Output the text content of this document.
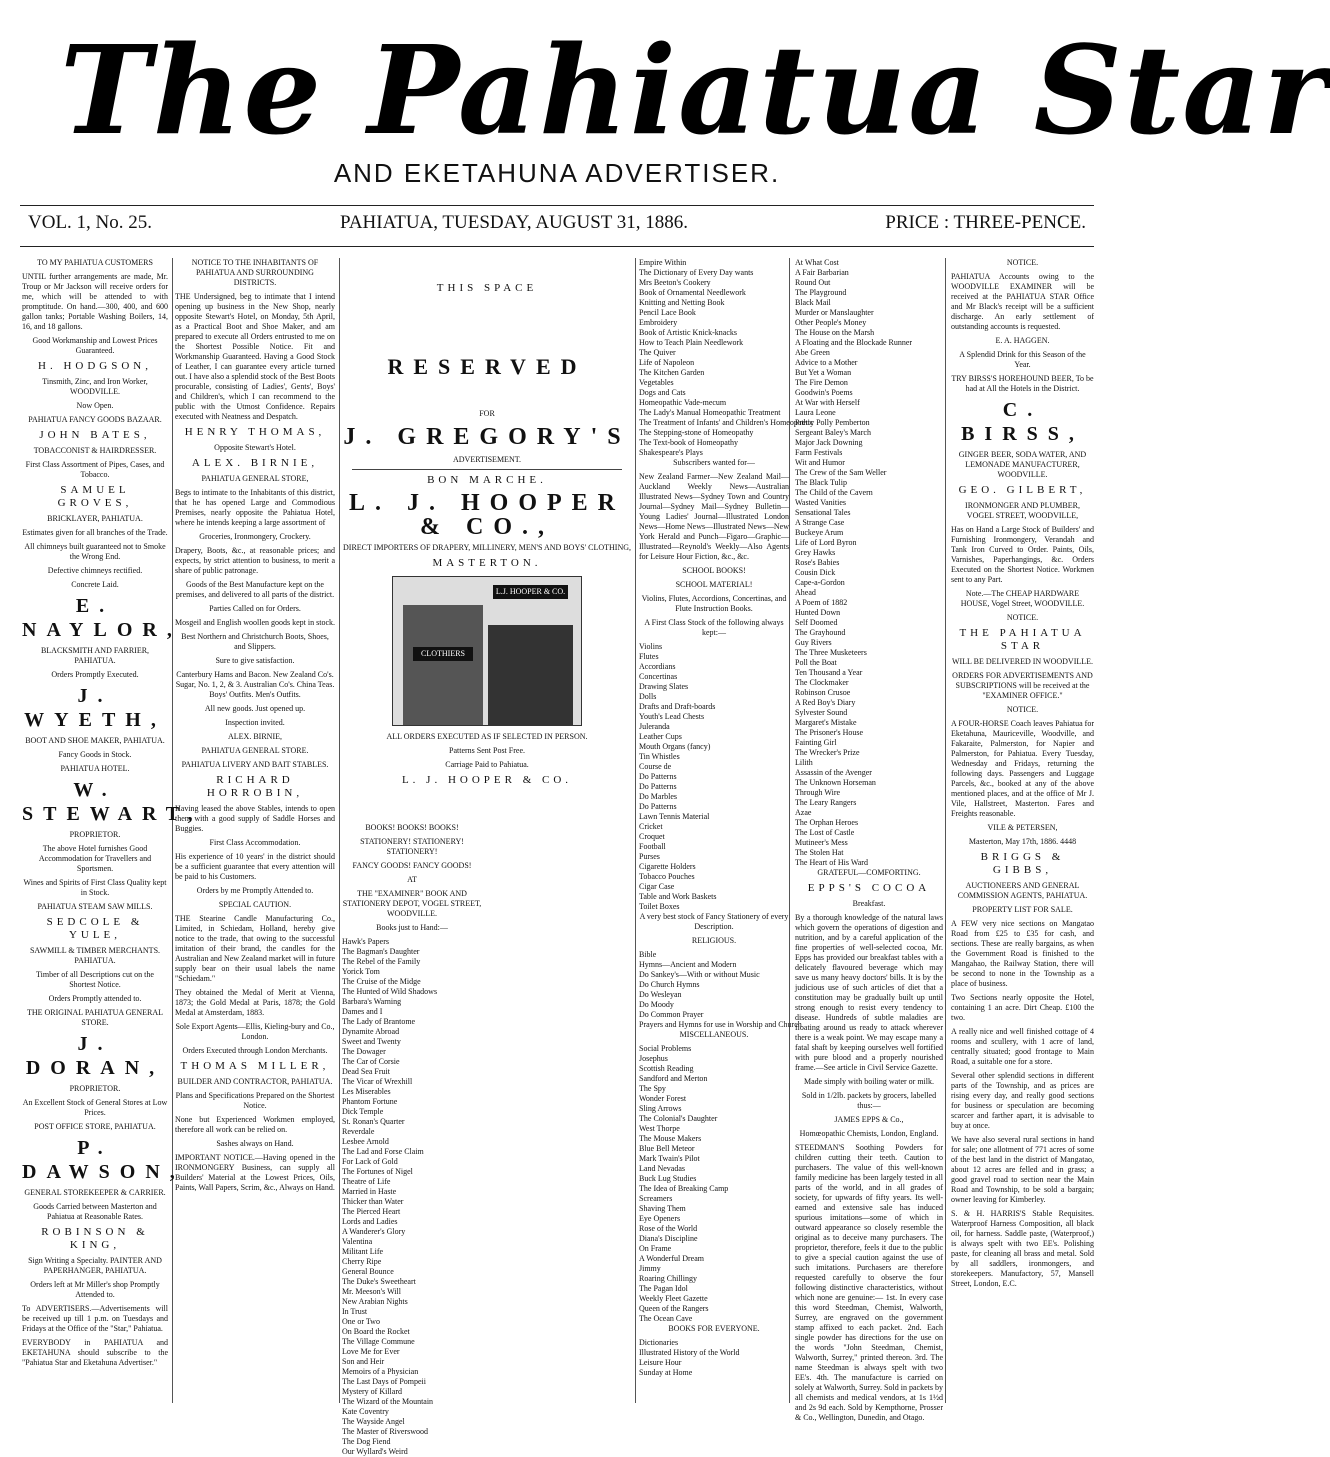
The Pahiatua Star
AND EKETAHUNA ADVERTISER.
VOL. 1, No. 25.	PAHIATUA, TUESDAY, AUGUST 31, 1886.	PRICE : THREE-PENCE.
TO MY PAHIATUA CUSTOMERS
UNTIL further arrangements are made, Mr. Troup or Mr Jackson will receive orders for me, which will be attended to with promptitude. On hand.—300, 400, and 600 gallon tanks; Portable Washing Boilers, 14, 16, and 18 gallons.
Good Workmanship and Lowest Prices Guaranteed.
H. HODGSON,
Tinsmith, Zinc, and Iron Worker, WOODVILLE.
Now Open.
PAHIATUA FANCY GOODS BAZAAR.
JOHN BATES,
TOBACCONIST & HAIRDRESSER.
First Class Assortment of Pipes, Cases, and Tobacco.
SAMUEL GROVES,
BRICKLAYER, PAHIATUA.
Estimates given for all branches of the Trade.
All chimneys built guaranteed not to Smoke the Wrong End.
Defective chimneys rectified.
Concrete Laid.
E. NAYLOR,
BLACKSMITH AND FARRIER, PAHIATUA.
Orders Promptly Executed.
J. WYETH,
BOOT AND SHOE MAKER, PAHIATUA.
Fancy Goods in Stock.
PAHIATUA HOTEL.
W. STEWART,
PROPRIETOR.
The above Hotel furnishes Good Accommodation for Travellers and Sportsmen.
Wines and Spirits of First Class Quality kept in Stock.
PAHIATUA STEAM SAW MILLS.
SEDCOLE & YULE,
SAWMILL & TIMBER MERCHANTS. PAHIATUA.
Timber of all Descriptions cut on the Shortest Notice.
Orders Promptly attended to.
THE ORIGINAL PAHIATUA GENERAL STORE.
J. DORAN,
PROPRIETOR.
An Excellent Stock of General Stores at Low Prices.
POST OFFICE STORE, PAHIATUA.
P. DAWSON,
GENERAL STOREKEEPER & CARRIER.
Goods Carried between Masterton and Pahiatua at Reasonable Rates.
ROBINSON & KING,
Sign Writing a Specialty. PAINTER AND PAPERHANGER, PAHIATUA.
Orders left at Mr Miller's shop Promptly Attended to.
To ADVERTISERS.—Advertisements will be received up till 1 p.m. on Tuesdays and Fridays at the Office of the "Star," Pahiatua.
EVERYBODY in PAHIATUA and EKETAHUNA should subscribe to the "Pahiatua Star and Eketahuna Advertiser."
NOTICE TO THE INHABITANTS OF PAHIATUA AND SURROUNDING DISTRICTS.
THE Undersigned, beg to intimate that I intend opening up business in the New Shop, nearly opposite Stewart's Hotel, on Monday, 5th April, as a Practical Boot and Shoe Maker, and am prepared to execute all Orders entrusted to me on the Shortest Possible Notice. Fit and Workmanship Guaranteed. Having a Good Stock of Leather, I can guarantee every article turned out. I have also a splendid stock of the Best Boots procurable, consisting of Ladies', Gents', Boys' and Children's, which I can recommend to the public with the Utmost Confidence. Repairs executed with Neatness and Despatch.
HENRY THOMAS,
Opposite Stewart's Hotel.
ALEX. BIRNIE,
PAHIATUA GENERAL STORE,
Begs to intimate to the Inhabitants of this district, that he has opened Large and Commodious Premises, nearly opposite the Pahiatua Hotel, where he intends keeping a large assortment of
Groceries, Ironmongery, Crockery.
Drapery, Boots, &c., at reasonable prices; and expects, by strict attention to business, to merit a share of public patronage.
Goods of the Best Manufacture kept on the premises, and delivered to all parts of the district.
Parties Called on for Orders.
Mosgeil and English woollen goods kept in stock.
Best Northern and Christchurch Boots, Shoes, and Slippers.
Sure to give satisfaction.
Canterbury Hams and Bacon. New Zealand Co's. Sugar, No. 1, 2, & 3. Australian Co's. China Teas. Boys' Outfits. Men's Outfits.
All new goods. Just opened up.
Inspection invited.
ALEX. BIRNIE,
PAHIATUA GENERAL STORE.
PAHIATUA LIVERY AND BAIT STABLES.
RICHARD HORROBIN,
Having leased the above Stables, intends to open them with a good supply of Saddle Horses and Buggies.
First Class Accommodation.
His experience of 10 years' in the district should be a sufficient guarantee that every attention will be paid to his Customers.
Orders by me Promptly Attended to.
SPECIAL CAUTION.
THE Stearine Candle Manufacturing Co., Limited, in Schiedam, Holland, hereby give notice to the trade, that owing to the successful imitation of their brand, the candles for the Australian and New Zealand market will in future supply bear on their usual labels the name "Schiedam."
They obtained the Medal of Merit at Vienna, 1873; the Gold Medal at Paris, 1878; the Gold Medal at Amsterdam, 1883.
Sole Export Agents—Ellis, Kieling-bury and Co., London.
Orders Executed through London Merchants.
THOMAS MILLER,
BUILDER AND CONTRACTOR, PAHIATUA.
Plans and Specifications Prepared on the Shortest Notice.
None but Experienced Workmen employed, therefore all work can be relied on.
Sashes always on Hand.
IMPORTANT NOTICE.—Having opened in the IRONMONGERY Business, can supply all Builders' Material at the Lowest Prices, Oils, Paints, Wall Papers, Scrim, &c., Always on Hand.
THIS SPACE
RESERVED
FOR
J. GREGORY'S
ADVERTISEMENT.
BON MARCHE.
L. J. HOOPER & CO.,
DIRECT IMPORTERS OF DRAPERY, MILLINERY, MEN'S AND BOYS' CLOTHING,
MASTERTON.
L.J. HOOPER & CO.
CLOTHIERS
ALL ORDERS EXECUTED AS IF SELECTED IN PERSON.
Patterns Sent Post Free.
Carriage Paid to Pahiatua.
L. J. HOOPER & CO.
BOOKS! BOOKS! BOOKS!
STATIONERY! STATIONERY! STATIONERY!
FANCY GOODS! FANCY GOODS!
AT
THE "EXAMINER" BOOK AND STATIONERY DEPOT, VOGEL STREET, WOODVILLE.
Books just to Hand:—
Hawk's Papers
The Bagman's Daughter
The Rebel of the Family
Yorick Tom
The Cruise of the Midge
The Hunted of Wild Shadows
Barbara's Warning
Dames and I
The Lady of Brantome
Dynamite Abroad
Sweet and Twenty
The Dowager
The Car of Corsie
Dead Sea Fruit
The Vicar of Wrexhill
Les Miserables
Phantom Fortune
Dick Temple
St. Ronan's Quarter
Reverdale
Lesbee Arnold
The Lad and Forse Claim
For Lack of Gold
The Fortunes of Nigel
Theatre of Life
Married in Haste
Thicker than Water
The Pierced Heart
Lords and Ladies
A Wanderer's Glory
Valentina
Militant Life
Cherry Ripe
General Bounce
The Duke's Sweetheart
Mr. Meeson's Will
New Arabian Nights
In Trust
One or Two
On Board the Rocket
The Village Commune
Love Me for Ever
Son and Heir
Memoirs of a Physician
The Last Days of Pompeii
Mystery of Killard
The Wizard of the Mountain
Kate Coventry
The Wayside Angel
The Master of Riverswood
The Dog Fiend
Our Wyllard's Weird
Empire Within
The Dictionary of Every Day wants
Mrs Beeton's Cookery
Book of Ornamental Needlework
Knitting and Netting Book
Pencil Lace Book
Embroidery
Book of Artistic Knick-knacks
How to Teach Plain Needlework
The Quiver
Life of Napoleon
The Kitchen Garden
Vegetables
Dogs and Cats
Homeopathic Vade-mecum
The Lady's Manual Homeopathic Treatment
The Treatment of Infants' and Children's Homeopathic
The Stepping-stone of Homeopathy
The Text-book of Homeopathy
Shakespeare's Plays
Subscribers wanted for—
New Zealand Farmer—New Zealand Mail—Auckland Weekly News—Australian Illustrated News—Sydney Town and Country Journal—Sydney Mail—Sydney Bulletin—Young Ladies' Journal—Illustrated London News—Home News—Illustrated News—New York Herald and Punch—Figaro—Graphic—Illustrated—Reynold's Weekly—Also Agents for Leisure Hour Fiction, &c., &c.
SCHOOL BOOKS!
SCHOOL MATERIAL!
Violins, Flutes, Accordions, Concertinas, and Flute Instruction Books.
A First Class Stock of the following always kept:—
Violins
Flutes
Accordians
Concertinas
Drawing Slates
Dolls
Drafts and Draft-boards
Youth's Lead Chests
Juleranda
Leather Cups
Mouth Organs (fancy)
Tin Whistles
Course de
Do Patterns
Do Patterns
Do Marbles
Do Patterns
Lawn Tennis Material
Cricket
Croquet
Football
Purses
Cigarette Holders
Tobacco Pouches
Cigar Case
Table and Work Baskets
Toilet Boxes
A very best stock of Fancy Stationery of every Description.
RELIGIOUS.
Bible
Hymns—Ancient and Modern
Do Sankey's—With or without Music
Do Church Hymns
Do Wesleyan
Do Moody
Do Common Prayer
Prayers and Hymns for use in Worship and Church
MISCELLANEOUS.
Social Problems
Josephus
Scottish Reading
Sandford and Merton
The Spy
Wonder Forest
Sling Arrows
The Colonial's Daughter
West Thorpe
The Mouse Makers
Blue Bell Meteor
Mark Twain's Pilot
Land Nevadas
Buck Lug Studies
The Idea of Breaking Camp
Screamers
Shaving Them
Eye Openers
Rose of the World
Diana's Discipline
On Frame
A Wonderful Dream
Jimmy
Roaring Chillingy
The Pagan Idol
Weekly Fleet Gazette
Queen of the Rangers
The Ocean Cave
BOOKS FOR EVERYONE.
Dictionaries
Illustrated History of the World
Leisure Hour
Sunday at Home
At What Cost
A Fair Barbarian
Round Out
The Playground
Black Mail
Murder or Manslaughter
Other People's Money
The House on the Marsh
A Floating and the Blockade Runner
Abe Green
Advice to a Mother
But Yet a Woman
The Fire Demon
Goodwin's Poems
At War with Herself
Laura Leone
Pretty Polly Pemberton
Sergeant Baley's March
Major Jack Downing
Farm Festivals
Wit and Humor
The Crew of the Sam Weller
The Black Tulip
The Child of the Cavern
Wasted Vanities
Sensational Tales
A Strange Case
Buckeye Arum
Life of Lord Byron
Grey Hawks
Rose's Babies
Cousin Dick
Cape-a-Gordon
Ahead
A Poem of 1882
Hunted Down
Self Doomed
The Grayhound
Guy Rivers
The Three Musketeers
Poll the Boat
Ten Thousand a Year
The Clockmaker
Robinson Crusoe
A Red Boy's Diary
Sylvester Sound
Margaret's Mistake
The Prisoner's House
Fainting Girl
The Wrecker's Prize
Lilith
Assassin of the Avenger
The Unknown Horseman
Through Wire
The Leary Rangers
Azae
The Orphan Heroes
The Lost of Castle
Mutineer's Mess
The Stolen Hat
The Heart of His Ward
GRATEFUL—COMFORTING.
EPPS'S COCOA
Breakfast.
By a thorough knowledge of the natural laws which govern the operations of digestion and nutrition, and by a careful application of the fine properties of well-selected cocoa, Mr. Epps has provided our breakfast tables with a delicately flavoured beverage which may save us many heavy doctors' bills. It is by the judicious use of such articles of diet that a constitution may be gradually built up until strong enough to resist every tendency to disease. Hundreds of subtle maladies are floating around us ready to attack wherever there is a weak point. We may escape many a fatal shaft by keeping ourselves well fortified with pure blood and a properly nourished frame.—See article in Civil Service Gazette.
Made simply with boiling water or milk.
Sold in 1/2lb. packets by grocers, labelled thus:—
JAMES EPPS & Co.,
Homœopathic Chemists, London, England.
STEEDMAN'S Soothing Powders for children cutting their teeth. Caution to purchasers. The value of this well-known family medicine has been largely tested in all parts of the world, and in all grades of society, for upwards of fifty years. Its well-earned and extensive sale has induced spurious imitations—some of which in outward appearance so closely resemble the original as to deceive many purchasers. The proprietor, therefore, feels it due to the public to give a special caution against the use of such imitations. Purchasers are therefore requested carefully to observe the four following distinctive characteristics, without which none are genuine:— 1st. In every case this word Steedman, Chemist, Walworth, Surrey, are engraved on the government stamp affixed to each packet. 2nd. Each single powder has directions for the use on the words "John Steedman, Chemist, Walworth, Surrey," printed thereon. 3rd. The name Steedman is always spelt with two EE's. 4th. The manufacture is carried on solely at Walworth, Surrey. Sold in packets by all chemists and medical vendors, at 1s 1½d and 2s 9d each. Sold by Kempthorne, Prosser & Co., Wellington, Dunedin, and Otago.
NOTICE.
PAHIATUA Accounts owing to the WOODVILLE EXAMINER will be received at the PAHIATUA STAR Office and Mr Black's receipt will be a sufficient discharge. An early settlement of outstanding accounts is requested.
E. A. HAGGEN.
A Splendid Drink for this Season of the Year.
TRY BIRSS'S HOREHOUND BEER, To be had at All the Hotels in the District.
C. BIRSS,
GINGER BEER, SODA WATER, AND LEMONADE MANUFACTURER, WOODVILLE.
GEO. GILBERT,
IRONMONGER AND PLUMBER, VOGEL STREET, WOODVILLE,
Has on Hand a Large Stock of Builders' and Furnishing Ironmongery, Verandah and Tank Iron Curved to Order. Paints, Oils, Varnishes, Paperhangings, &c. Orders Executed on the Shortest Notice. Workmen sent to any Part.
Note.—The CHEAP HARDWARE HOUSE, Vogel Street, WOODVILLE.
NOTICE.
THE PAHIATUA STAR
WILL BE DELIVERED IN WOODVILLE.
ORDERS FOR ADVERTISEMENTS AND SUBSCRIPTIONS will be received at the "EXAMINER OFFICE."
NOTICE.
A FOUR-HORSE Coach leaves Pahiatua for Eketahuna, Mauriceville, Woodville, and Fakaraite, Palmerston, for Napier and Palmerston, for Pahiatua. Every Tuesday, Wednesday and Fridays, returning the following days. Passengers and Luggage Parcels, &c., booked at any of the above mentioned places, and at the office of Mr J. Vile, Hallstreet, Masterton. Fares and Freights reasonable.
VILE & PETERSEN,
Masterton, May 17th, 1886. 4448
BRIGGS & GIBBS,
AUCTIONEERS AND GENERAL COMMISSION AGENTS, PAHIATUA.
PROPERTY LIST FOR SALE.
A FEW very nice sections on Mangatao Road from £25 to £35 for cash, and sections. These are really bargains, as when the Government Road is finished to the Mangahao, the Railway Station, there will be second to none in the Township as a place of business.
Two Sections nearly opposite the Hotel, containing 1 an acre. Dirt Cheap. £100 the two.
A really nice and well finished cottage of 4 rooms and scullery, with 1 acre of land, centrally situated; good frontage to Main Road, a suitable one for a store.
Several other splendid sections in different parts of the Township, and as prices are rising every day, and really good sections for business or speculation are becoming scarcer and farther apart, it is advisable to buy at once.
We have also several rural sections in hand for sale; one allotment of 771 acres of some of the best land in the district of Mangatao, about 12 acres are felled and in grass; a good gravel road to section near the Main Road and Township, to be sold a bargain; owner leaving for Kimberley.
S. & H. HARRIS'S Stable Requisites. Waterproof Harness Composition, all black oil, for harness. Saddle paste, (Waterproof,) is always spelt with two EE's. Polishing paste, for cleaning all brass and metal. Sold by all saddlers, ironmongers, and storekeepers. Manufactory, 57, Mansell Street, London, E.C.
